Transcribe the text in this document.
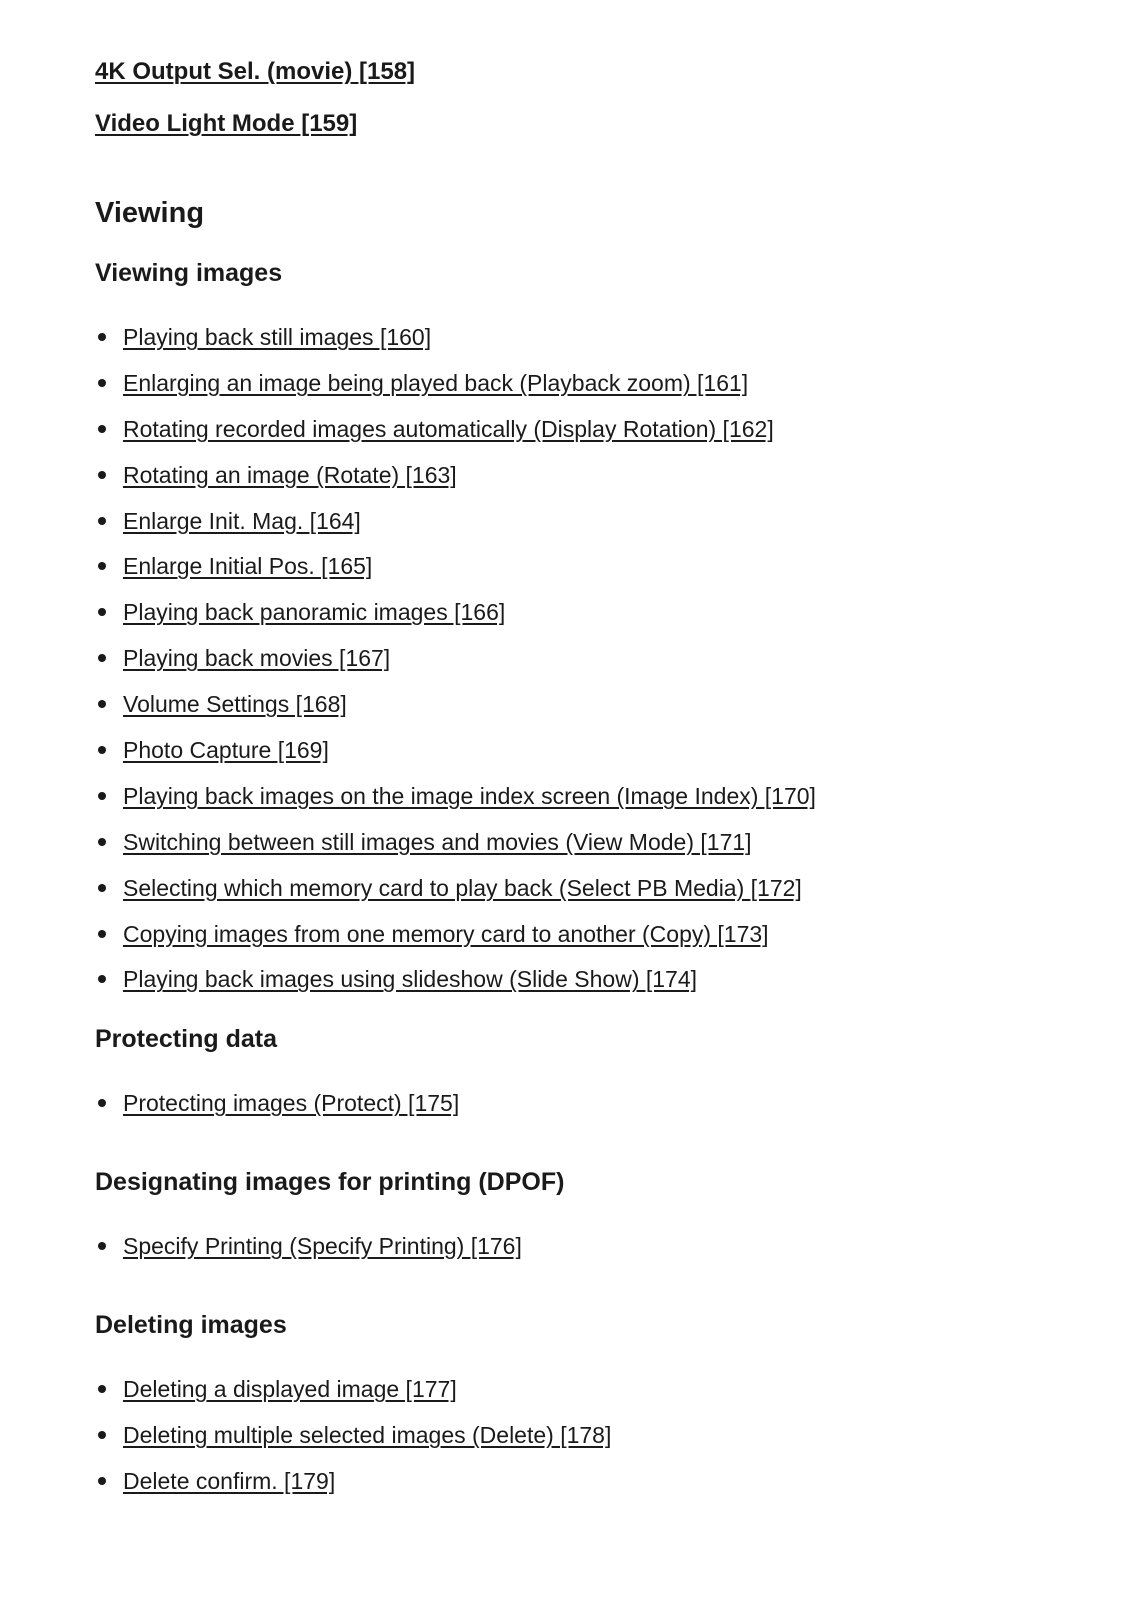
4K Output Sel. (movie) [158]
Video Light Mode [159]
Viewing
Viewing images
Playing back still images [160]
Enlarging an image being played back (Playback zoom) [161]
Rotating recorded images automatically (Display Rotation) [162]
Rotating an image (Rotate) [163]
Enlarge Init. Mag. [164]
Enlarge Initial Pos. [165]
Playing back panoramic images [166]
Playing back movies [167]
Volume Settings [168]
Photo Capture [169]
Playing back images on the image index screen (Image Index) [170]
Switching between still images and movies (View Mode) [171]
Selecting which memory card to play back (Select PB Media) [172]
Copying images from one memory card to another (Copy) [173]
Playing back images using slideshow (Slide Show) [174]
Protecting data
Protecting images (Protect) [175]
Designating images for printing (DPOF)
Specify Printing (Specify Printing) [176]
Deleting images
Deleting a displayed image [177]
Deleting multiple selected images (Delete) [178]
Delete confirm. [179]
